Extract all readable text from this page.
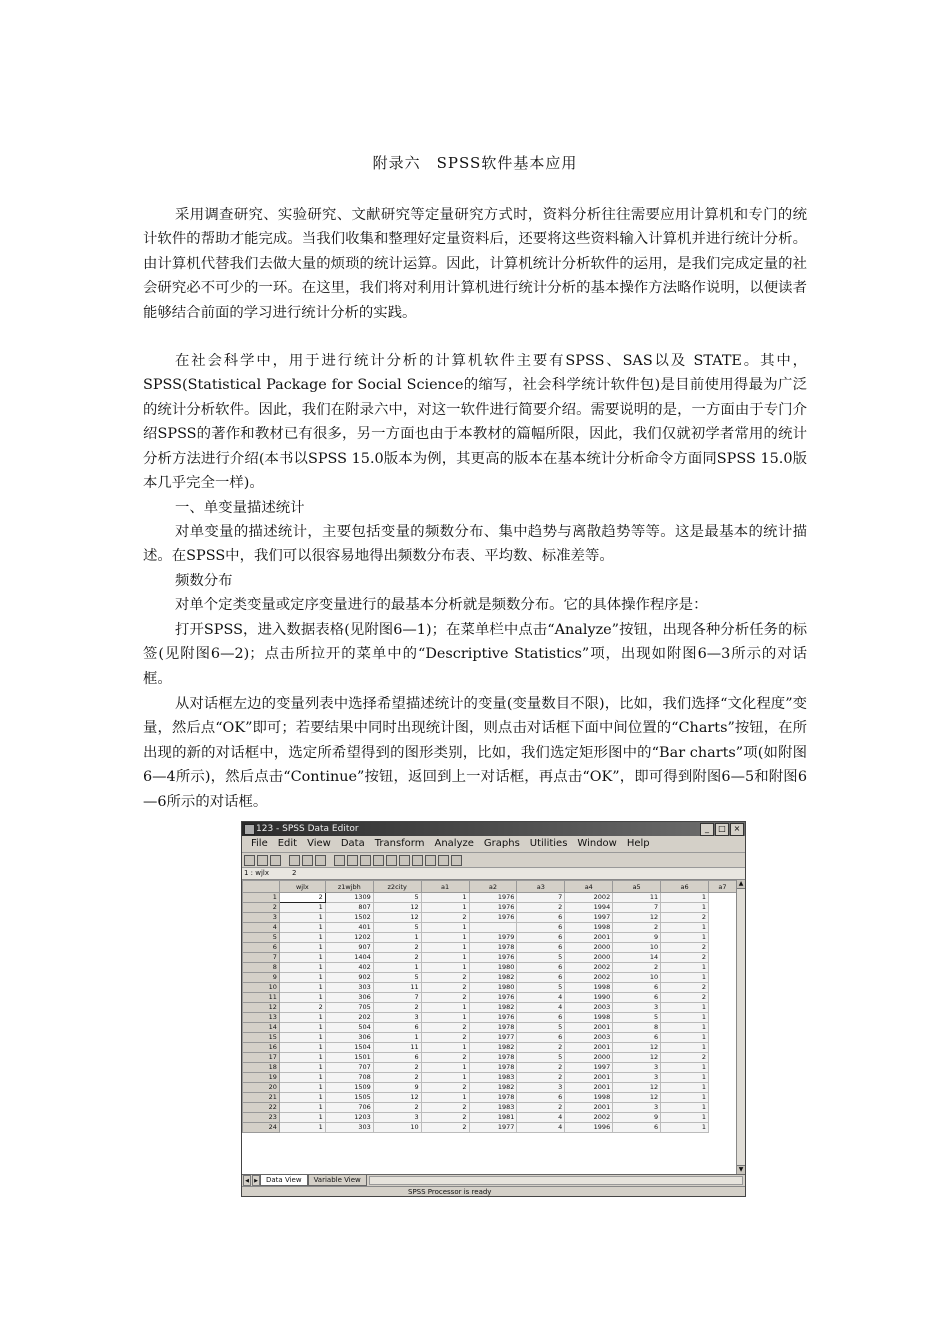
附录六　SPSS软件基本应用

采用调查研究、实验研究、文献研究等定量研究方式时，资料分析往往需要应用计算机和专门的统计软件的帮助才能完成。当我们收集和整理好定量资料后，还要将这些资料输入计算机并进行统计分析。由计算机代替我们去做大量的烦琐的统计运算。因此，计算机统计分析软件的运用，是我们完成定量的社会研究必不可少的一环。在这里，我们将对利用计算机进行统计分析的基本操作方法略作说明，以便读者能够结合前面的学习进行统计分析的实践。

在社会科学中，用于进行统计分析的计算机软件主要有SPSS、SAS以及 STATE。其中，SPSS(Statistical Package for Social Science的缩写，社会科学统计软件包)是目前使用得最为广泛的统计分析软件。因此，我们在附录六中，对这一软件进行简要介绍。需要说明的是，一方面由于专门介绍SPSS的著作和教材已有很多，另一方面也由于本教材的篇幅所限，因此，我们仅就初学者常用的统计分析方法进行介绍(本书以SPSS 15.0版本为例，其更高的版本在基本统计分析命令方面同SPSS 15.0版本几乎完全一样)。

一、单变量描述统计

对单变量的描述统计，主要包括变量的频数分布、集中趋势与离散趋势等等。这是最基本的统计描述。在SPSS中，我们可以很容易地得出频数分布表、平均数、标准差等。

频数分布

对单个定类变量或定序变量进行的最基本分析就是频数分布。它的具体操作程序是：

打开SPSS，进入数据表格(见附图6—1)；在菜单栏中点击“Analyze”按钮，出现各种分析任务的标签(见附图6—2)；点击所拉开的菜单中的“Descriptive Statistics”项，出现如附图6—3所示的对话框。

从对话框左边的变量列表中选择希望描述统计的变量(变量数目不限)，比如，我们选择“文化程度”变量，然后点“OK”即可；若要结果中同时出现统计图，则点击对话框下面中间位置的“Charts”按钮，在所出现的新的对话框中，选定所希望得到的图形类别，比如，我们选定矩形图中的“Bar charts”项(如附图6—4所示)，然后点击“Continue”按钮，返回到上一对话框，再点击“OK”，即可得到附图6—5和附图6—6所示的对话框。

123 - SPSS Data Editor	_	□ ×
File	Edit	View	Data	Transform	Analyze	Graphs	Utilities	Window	Help
1 : wjlx	2
	wjlx	z1wjbh	z2city	a1	a2	a3	a4	a5	a6	a7
1	2	1309	5	1	1976	7	2002	11	1	
2	1	807	12	1	1976	2	1994	7	1	
3	1	1502	12	2	1976	6	1997	12	2	
4	1	401	5	1		6	1998	2	1	
5	1	1202	1	1	1979	6	2001	9	1	
6	1	907	2	1	1978	6	2000	10	2	
7	1	1404	2	1	1976	5	2000	14	2	
8	1	402	1	1	1980	6	2002	2	1	
9	1	902	5	2	1982	6	2002	10	1	
10	1	303	11	2	1980	5	1998	6	2	
11	1	306	7	2	1976	4	1990	6	2	
12	2	705	2	1	1982	4	2003	3	1	
13	1	202	3	1	1976	6	1998	5	1	
14	1	504	6	2	1978	5	2001	8	1	
15	1	306	1	2	1977	6	2003	6	1	
16	1	1504	11	1	1982	2	2001	12	1	
17	1	1501	6	2	1978	5	2000	12	2	
18	1	707	2	1	1978	2	1997	3	1	
19	1	708	2	1	1983	2	2001	3	1	
20	1	1509	9	2	1982	3	2001	12	1	
21	1	1505	12	1	1978	6	1998	12	1	
22	1	706	2	2	1983	2	2001	3	1	
23	1	1203	3	2	1981	4	2002	9	1	
24	1	303	10	2	1977	4	1996	6	1	
▲
▼
◀	▶	Data View	Variable View
SPSS Processor is ready
